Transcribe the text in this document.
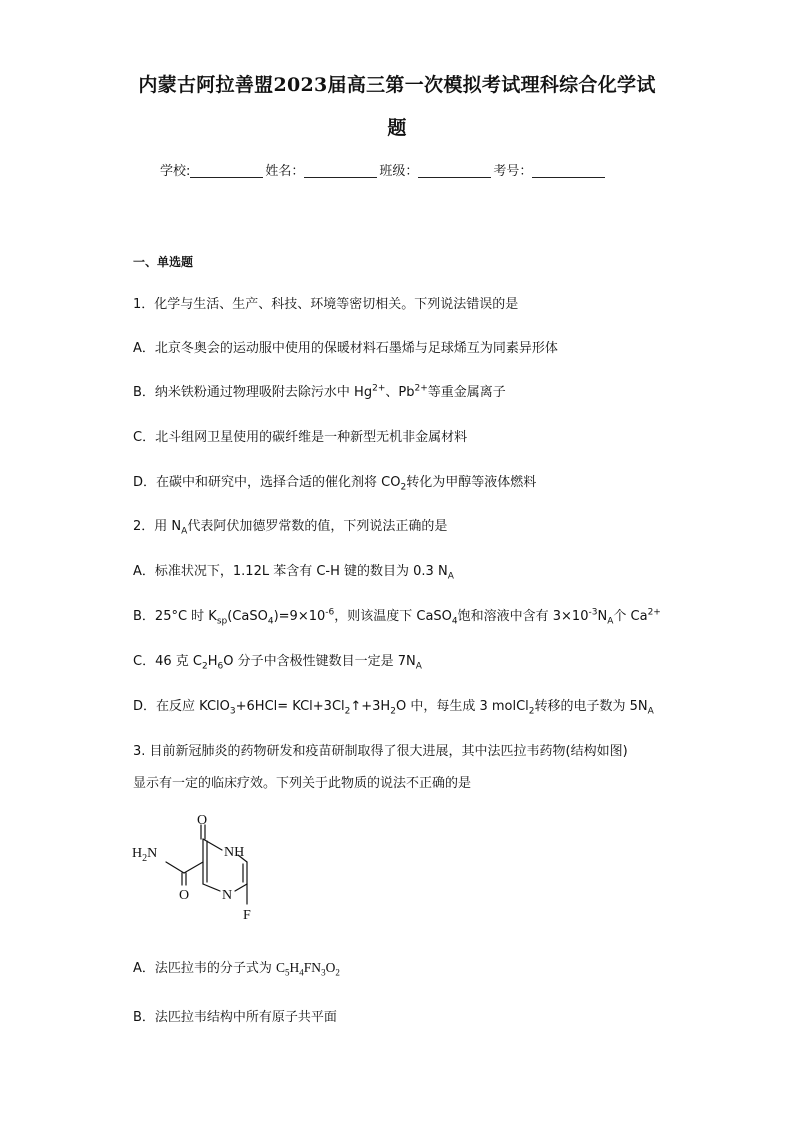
内蒙古阿拉善盟2023届高三第一次模拟考试理科综合化学试
题
学校:	姓名：	班级：	考号：
一、单选题
1．化学与生活、生产、科技、环境等密切相关。下列说法错误的是
A．北京冬奥会的运动服中使用的保暖材料石墨烯与足球烯互为同素异形体
B．纳米铁粉通过物理吸附去除污水中 $Hg^{2+}$、$Pb^{2+}$等重金属离子
C．北斗组网卫星使用的碳纤维是一种新型无机非金属材料
D．在碳中和研究中，选择合适的催化剂将 $CO_2$转化为甲醇等液体燃料
2．用 $N_A$代表阿伏加德罗常数的值，下列说法正确的是
A．标准状况下，1.12L 苯含有 C-H 键的数目为 0.3 $N_A$
B．25°C 时 $K_{sp}(CaSO_4)=9\times 10^{-6}$，则该温度下 CaSO$_4$饱和溶液中含有 $3\times 10^{-3}N_A$个 $Ca^{2+}$
C．46 克 $C_2H_6O$ 分子中含极性键数目一定是 $7N_A$
D．在反应 KClO$_3$+6HCl= $KCl+3Cl_2↑+3H_2O$ 中，每生成 3 molCl$_2$转移的电子数为 $5N_A$
3. 目前新冠肺炎的药物研发和疫苗研制取得了很大进展，其中法匹拉韦药物(结构如图)
显示有一定的临床疗效。下列关于此物质的说法不正确的是
O
NH
$H_2N$
N
O
F
A．法匹拉韦的分子式为 $C_5H_4FN_3O_2$
B．法匹拉韦结构中所有原子共平面
